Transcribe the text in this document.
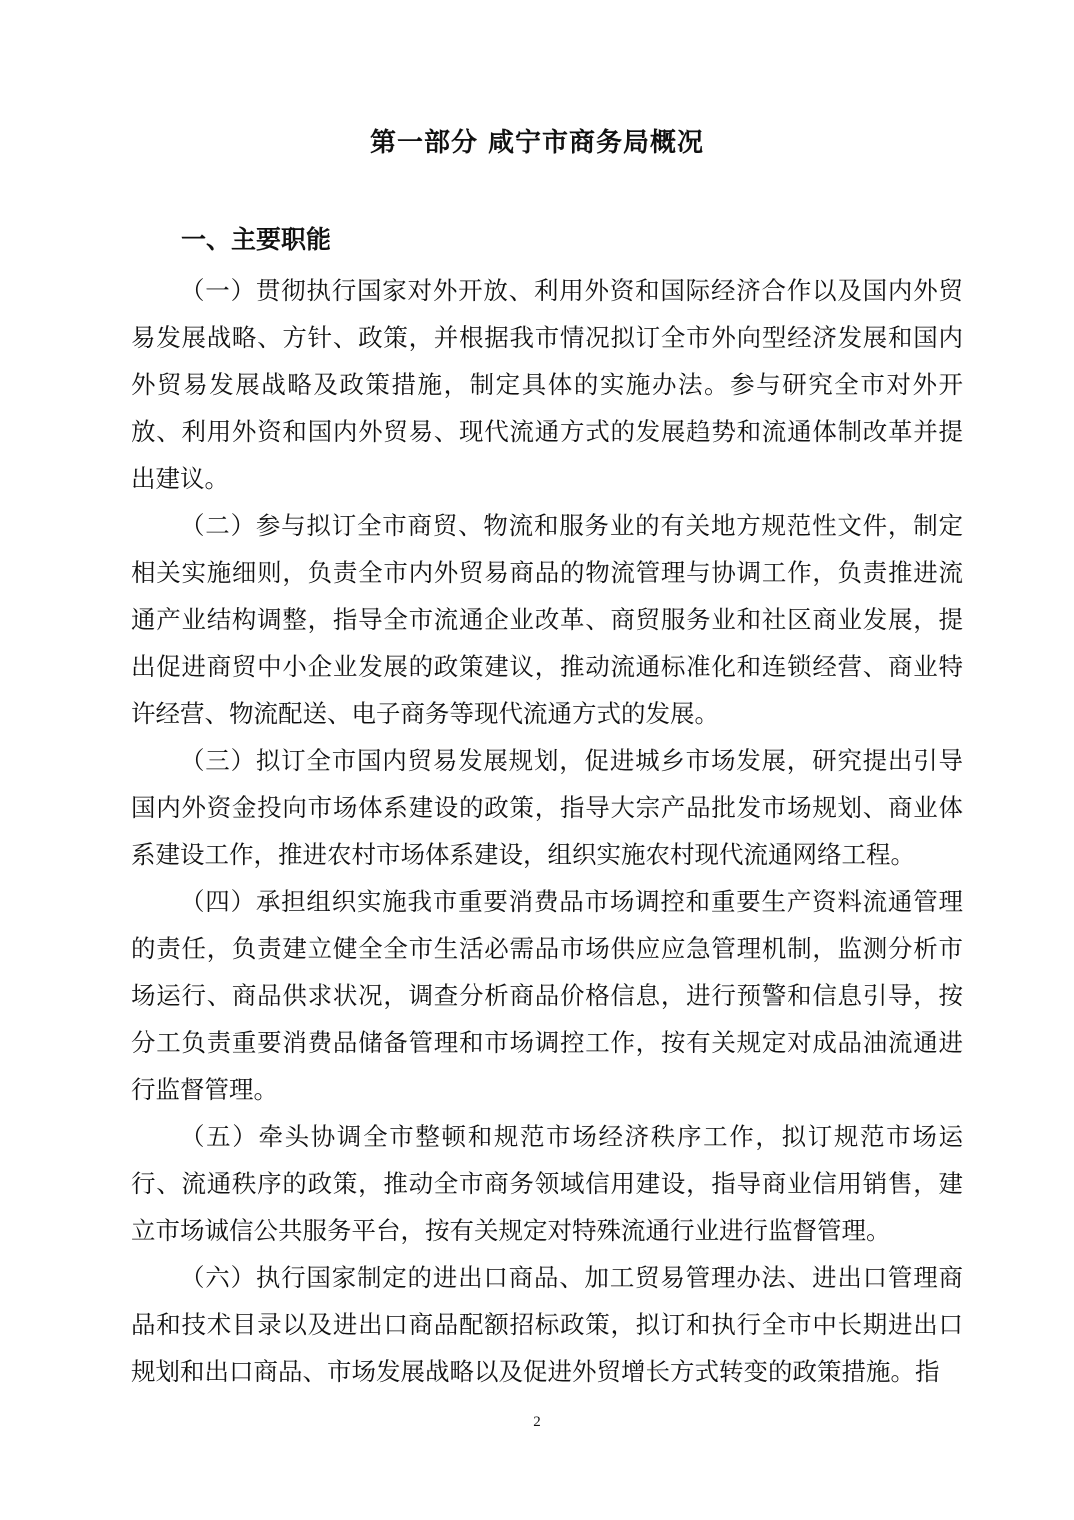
第一部分 咸宁市商务局概况
一、主要职能

（一）贯彻执行国家对外开放、利用外资和国际经济合作以及国内外贸易发展战略、方针、政策，并根据我市情况拟订全市外向型经济发展和国内外贸易发展战略及政策措施，制定具体的实施办法。参与研究全市对外开放、利用外资和国内外贸易、现代流通方式的发展趋势和流通体制改革并提出建议。

（二）参与拟订全市商贸、物流和服务业的有关地方规范性文件，制定相关实施细则，负责全市内外贸易商品的物流管理与协调工作，负责推进流通产业结构调整，指导全市流通企业改革、商贸服务业和社区商业发展，提出促进商贸中小企业发展的政策建议，推动流通标准化和连锁经营、商业特许经营、物流配送、电子商务等现代流通方式的发展。

（三）拟订全市国内贸易发展规划，促进城乡市场发展，研究提出引导国内外资金投向市场体系建设的政策，指导大宗产品批发市场规划、商业体系建设工作，推进农村市场体系建设，组织实施农村现代流通网络工程。

（四）承担组织实施我市重要消费品市场调控和重要生产资料流通管理的责任，负责建立健全全市生活必需品市场供应应急管理机制，监测分析市场运行、商品供求状况，调查分析商品价格信息，进行预警和信息引导，按分工负责重要消费品储备管理和市场调控工作，按有关规定对成品油流通进行监督管理。

（五）牵头协调全市整顿和规范市场经济秩序工作，拟订规范市场运行、流通秩序的政策，推动全市商务领域信用建设，指导商业信用销售，建立市场诚信公共服务平台，按有关规定对特殊流通行业进行监督管理。

（六）执行国家制定的进出口商品、加工贸易管理办法、进出口管理商品和技术目录以及进出口商品配额招标政策，拟订和执行全市中长期进出口规划和出口商品、市场发展战略以及促进外贸增长方式转变的政策措施。指

2
